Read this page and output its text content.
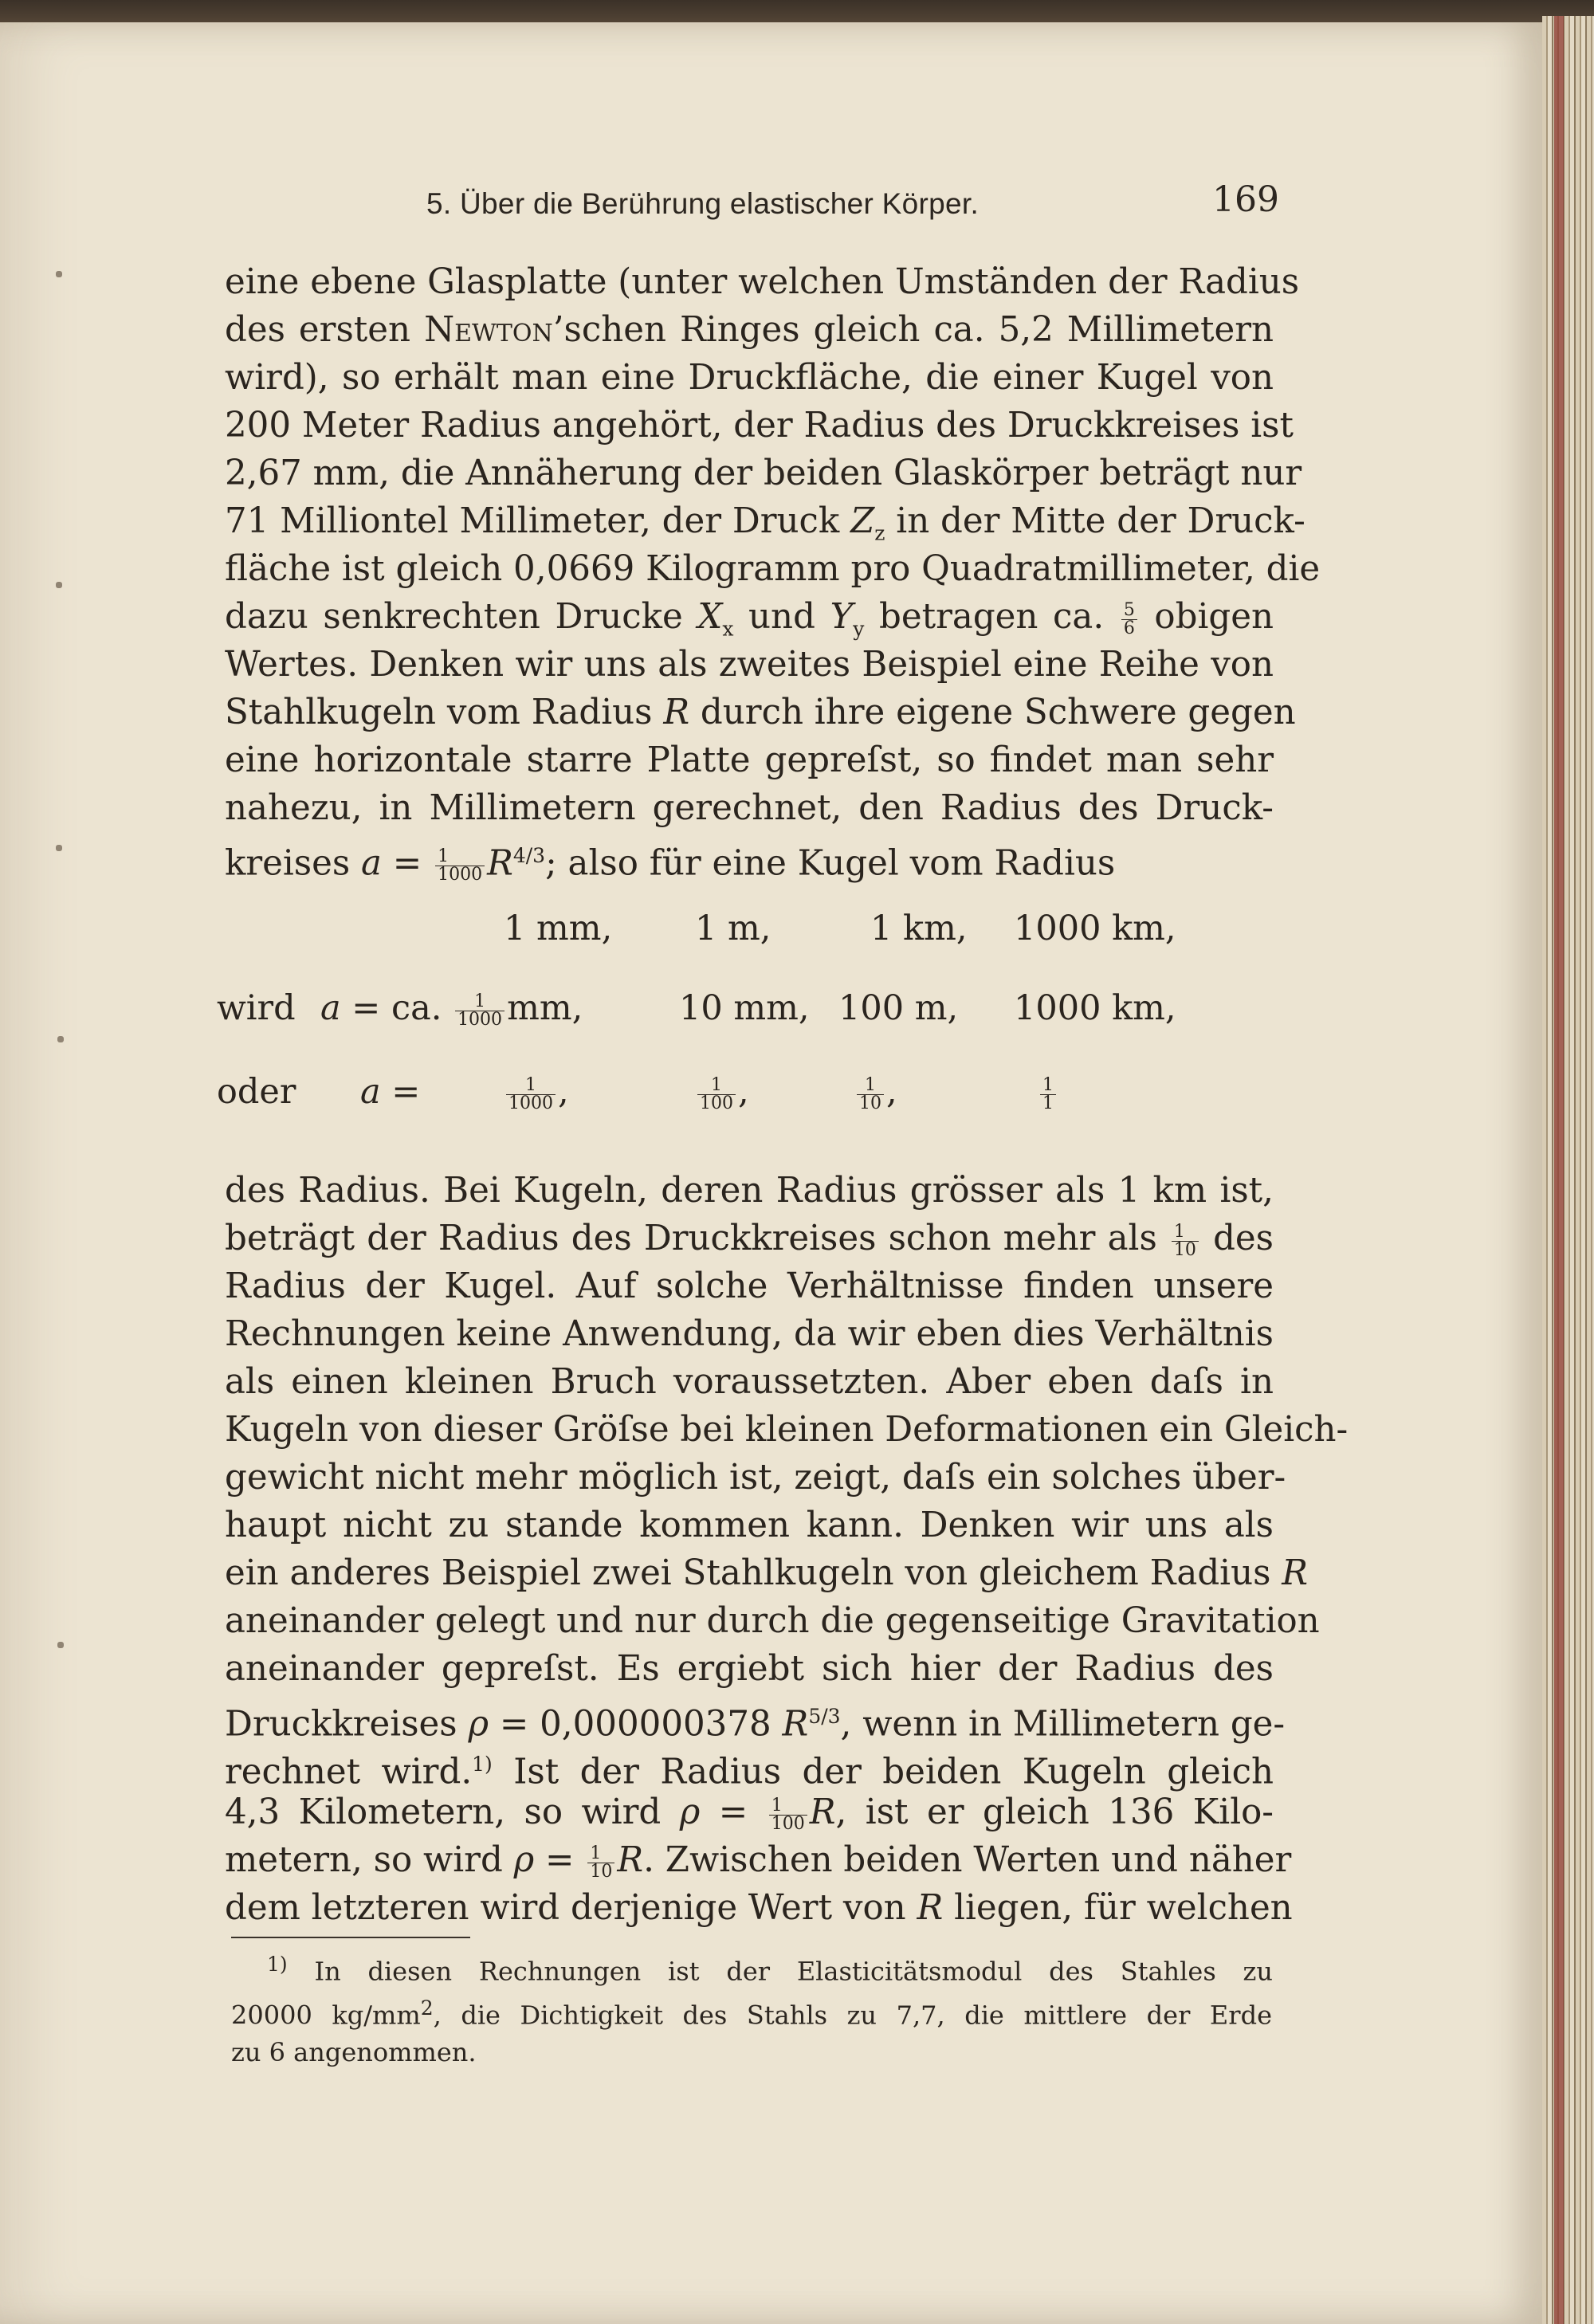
5. Über die Berührung elastischer Körper.	169
eine ebene Glasplatte (unter welchen Umständen der Radius
des ersten Newton’schen Ringes gleich ca. 5,2 Millimetern
wird), so erhält man eine Druckfläche, die einer Kugel von
200 Meter Radius angehört, der Radius des Druckkreises ist
2,67 mm, die Annäherung der beiden Glaskörper beträgt nur
71 Milliontel Millimeter, der Druck $Z_z$ in der Mitte der Druck-
fläche ist gleich 0,0669 Kilogramm pro Quadratmillimeter, die
dazu senkrechten Drucke $X_x$ und $Y_y$ betragen ca. $\frac{5}{6}$ obigen
Wertes. Denken wir uns als zweites Beispiel eine Reihe von
Stahlkugeln vom Radius R durch ihre eigene Schwere gegen
eine horizontale starre Platte gepreſst, so findet man sehr
nahezu, in Millimetern gerechnet, den Radius des Druck-
kreises $a = \frac{1}{1000} R^{4/3}$; also für eine Kugel vom Radius
1 mm, 1 m,	1 km, 1000 km,
wird a = ca. $\frac{1}{1000}$ mm,	10 mm, 100 m, 1000 km,
oder a =	$\frac{1}{1000}$ ,	$\frac{1}{100}$ ,	$\frac{1}{10}$ ,	$\frac{1}{1}$
des Radius. Bei Kugeln, deren Radius grösser als 1 km ist,
beträgt der Radius des Druckkreises schon mehr als $\frac{1}{10}$ des
Radius der Kugel. Auf solche Verhältnisse finden unsere
Rechnungen keine Anwendung, da wir eben dies Verhältnis
als einen kleinen Bruch voraussetzten. Aber eben daſs in
Kugeln von dieser Gröſse bei kleinen Deformationen ein Gleich-
gewicht nicht mehr möglich ist, zeigt, daſs ein solches über-
haupt nicht zu stande kommen kann. Denken wir uns als
ein anderes Beispiel zwei Stahlkugeln von gleichem Radius R
aneinander gelegt und nur durch die gegenseitige Gravitation
aneinander gepreſst. Es ergiebt sich hier der Radius des
Druckkreises ρ = 0,000000378 $R^{5/3}$, wenn in Millimetern ge-
rechnet wird.$^{1)}$ Ist der Radius der beiden Kugeln gleich
4,3 Kilometern, so wird $\rho = \frac{1}{100} R$, ist er gleich 136 Kilo-
metern, so wird $\rho = \frac{1}{10} R$. Zwischen beiden Werten und näher
dem letzteren wird derjenige Wert von R liegen, für welchen
$^{1)}$ In diesen Rechnungen ist der Elasticitätsmodul des Stahles zu
20000 $kg/mm^2$, die Dichtigkeit des Stahls zu 7,7, die mittlere der Erde
zu 6 angenommen.
